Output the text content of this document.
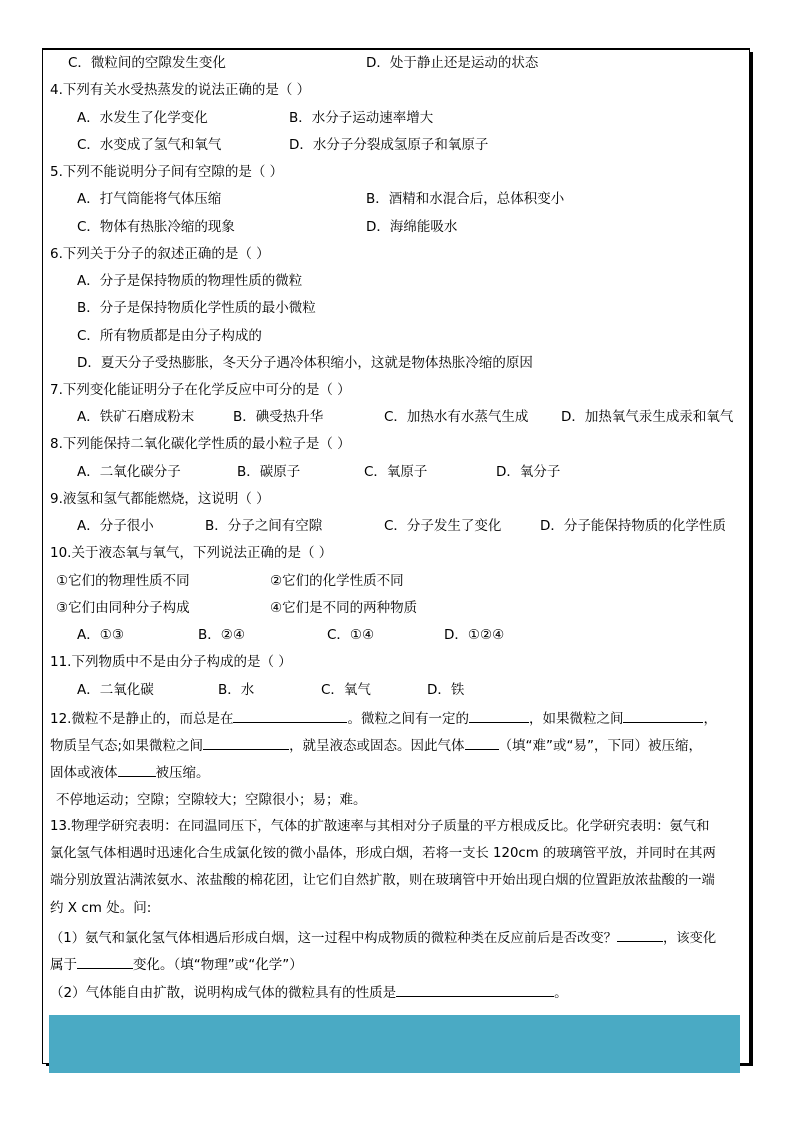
C．微粒间的空隙发生变化	D．处于静止还是运动的状态
4.下列有关水受热蒸发的说法正确的是（ ）
A．水发生了化学变化	B．水分子运动速率增大
C．水变成了氢气和氧气	D．水分子分裂成氢原子和氧原子
5.下列不能说明分子间有空隙的是（ ）
A．打气筒能将气体压缩	B．酒精和水混合后，总体积变小
C．物体有热胀冷缩的现象	D．海绵能吸水
6.下列关于分子的叙述正确的是（ ）
A．分子是保持物质的物理性质的微粒
B．分子是保持物质化学性质的最小微粒
C．所有物质都是由分子构成的
D．夏天分子受热膨胀，冬天分子遇冷体积缩小，这就是物体热胀冷缩的原因
7.下列变化能证明分子在化学反应中可分的是（ ）
A．铁矿石磨成粉末	B．碘受热升华	C．加热水有水蒸气生成 D．加热氧气汞生成汞和氧气
8.下列能保持二氧化碳化学性质的最小粒子是（ ）
A．二氧化碳分子	B．碳原子	C．氧原子	D．氧分子
9.液氢和氢气都能燃烧，这说明（ ）
A．分子很小	B．分子之间有空隙	C．分子发生了变化	D．分子能保持物质的化学性质
10.关于液态氧与氧气，下列说法正确的是（ ）
①它们的物理性质不同	②它们的化学性质不同
③它们由同种分子构成	④它们是不同的两种物质
A．①③	B．②④	C．①④	D．①②④
11.下列物质中不是由分子构成的是（ ）
A．二氧化碳	B．水	C．氧气	D．铁
12.微粒不是静止的，而总是在	。微粒之间有一定的	，如果微粒之间	，
物质呈气态;如果微粒之间	，就呈液态或固态。因此气体	（填“难”或“易”，下同）被压缩，
固体或液体	被压缩。
不停地运动；空隙；空隙较大；空隙很小；易；难。
13.物理学研究表明：在同温同压下，气体的扩散速率与其相对分子质量的平方根成反比。化学研究表明：氨气和
氯化氢气体相遇时迅速化合生成氯化铵的微小晶体，形成白烟，若将一支长 120cm 的玻璃管平放，并同时在其两
端分别放置沾满浓氨水、浓盐酸的棉花团，让它们自然扩散，则在玻璃管中开始出现白烟的位置距放浓盐酸的一端
约 X cm 处。问:
（1）氨气和氯化氢气体相遇后形成白烟，这一过程中构成物质的微粒种类在反应前后是否改变？	，该变化
属于	变化。（填“物理”或“化学”）
（2）气体能自由扩散，说明构成气体的微粒具有的性质是	。
